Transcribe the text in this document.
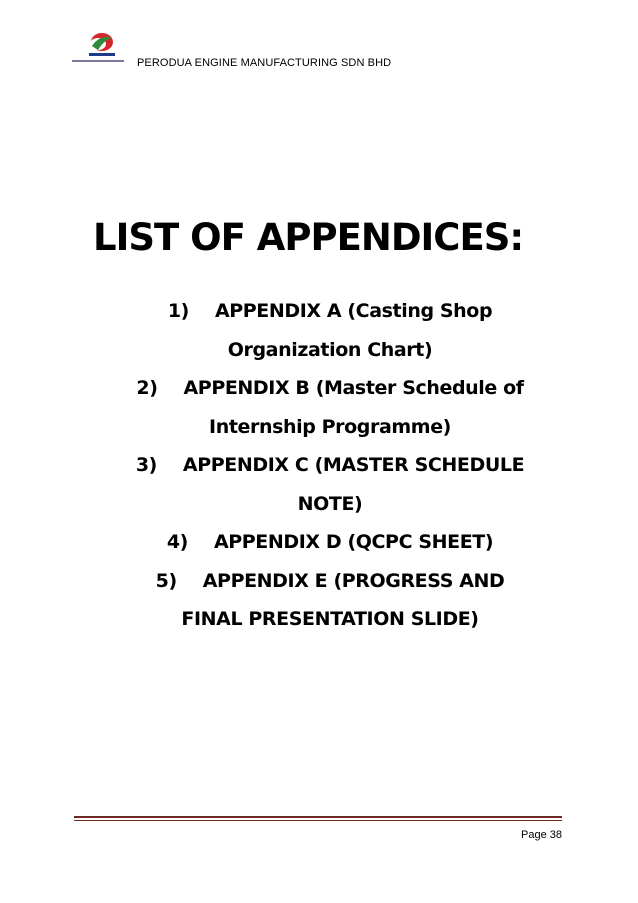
PERODUA ENGINE MANUFACTURING SDN BHD
LIST OF APPENDICES:
1) APPENDIX A (Casting Shop
Organization Chart)
2) APPENDIX B (Master Schedule of
Internship Programme)
3) APPENDIX C (MASTER SCHEDULE
NOTE)
4) APPENDIX D (QCPC SHEET)
5) APPENDIX E (PROGRESS AND
FINAL PRESENTATION SLIDE)
Page 38
